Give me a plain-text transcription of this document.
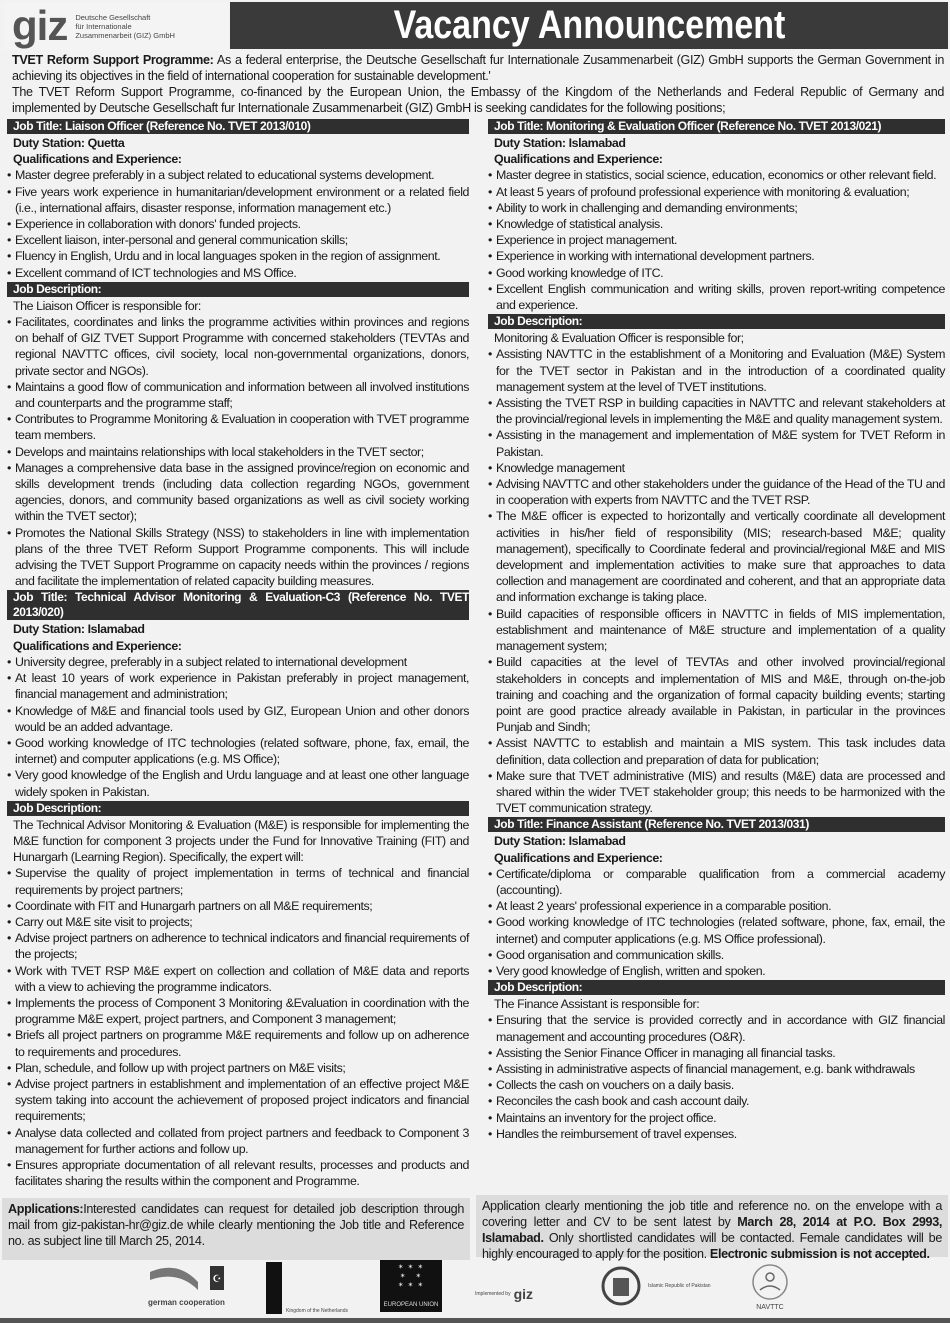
giz Deutsche Gesellschaft
für Internationale
Zusammenarbeit (GIZ) GmbH	Vacancy Announcement
TVET Reform Support Programme: As a federal enterprise, the Deutsche Gesellschaft fur Internationale Zusammenarbeit (GIZ) GmbH supports the German Government in achieving its objectives in the field of international cooperation for sustainable development.'
The TVET Reform Support Programme, co-financed by the European Union, the Embassy of the Kingdom of the Netherlands and Federal Republic of Germany and implemented by Deutsche Gesellschaft fur Internationale Zusammenarbeit (GIZ) GmbH is seeking candidates for the following positions;
Job Title: Liaison Officer (Reference No. TVET 2013/010)
Duty Station: Quetta
Qualifications and Experience:
• Master degree preferably in a subject related to educational systems development.
• Five years work experience in humanitarian/development environment or a related field (i.e., international affairs, disaster response, information management etc.)
• Experience in collaboration with donors' funded projects.
• Excellent liaison, inter-personal and general communication skills;
• Fluency in English, Urdu and in local languages spoken in the region of assignment.
• Excellent command of ICT technologies and MS Office.
Job Description:
The Liaison Officer is responsible for:
• Facilitates, coordinates and links the programme activities within provinces and regions on behalf of GIZ TVET Support Programme with concerned stakeholders (TEVTAs and regional NAVTTC offices, civil society, local non-governmental organizations, donors, private sector and NGOs).
• Maintains a good flow of communication and information between all involved institutions and counterparts and the programme staff;
• Contributes to Programme Monitoring & Evaluation in cooperation with TVET programme team members.
• Develops and maintains relationships with local stakeholders in the TVET sector;
• Manages a comprehensive data base in the assigned province/region on economic and skills development trends (including data collection regarding NGOs, government agencies, donors, and community based organizations as well as civil society working within the TVET sector);
• Promotes the National Skills Strategy (NSS) to stakeholders in line with implementation plans of the three TVET Reform Support Programme components. This will include advising the TVET Support Programme on capacity needs within the provinces / regions and facilitate the implementation of related capacity building measures.
Job Title: Technical Advisor Monitoring & Evaluation-C3 (Reference No. TVET 2013/020)
Duty Station: Islamabad
Qualifications and Experience:
• University degree, preferably in a subject related to international development
• At least 10 years of work experience in Pakistan preferably in project management, financial management and administration;
• Knowledge of M&E and financial tools used by GIZ, European Union and other donors would be an added advantage.
• Good working knowledge of ITC technologies (related software, phone, fax, email, the internet) and computer applications (e.g. MS Office);
• Very good knowledge of the English and Urdu language and at least one other language widely spoken in Pakistan.
Job Description:
The Technical Advisor Monitoring & Evaluation (M&E) is responsible for implementing the M&E function for component 3 projects under the Fund for Innovative Training (FIT) and Hunargarh (Learning Region). Specifically, the expert will:
• Supervise the quality of project implementation in terms of technical and financial requirements by project partners;
• Coordinate with FIT and Hunargarh partners on all M&E requirements;
• Carry out M&E site visit to projects;
• Advise project partners on adherence to technical indicators and financial requirements of the projects;
• Work with TVET RSP M&E expert on collection and collation of M&E data and reports with a view to achieving the programme indicators.
• Implements the process of Component 3 Monitoring &Evaluation in coordination with the programme M&E expert, project partners, and Component 3 management;
• Briefs all project partners on programme M&E requirements and follow up on adherence to requirements and procedures.
• Plan, schedule, and follow up with project partners on M&E visits;
• Advise project partners in establishment and implementation of an effective project M&E system taking into account the achievement of proposed project indicators and financial requirements;
• Analyse data collected and collated from project partners and feedback to Component 3 management for further actions and follow up.
• Ensures appropriate documentation of all relevant results, processes and products and facilitates sharing the results within the component and Programme.
Job Title: Monitoring & Evaluation Officer (Reference No. TVET 2013/021)
Duty Station: Islamabad
Qualifications and Experience:
• Master degree in statistics, social science, education, economics or other relevant field.
• At least 5 years of profound professional experience with monitoring & evaluation;
• Ability to work in challenging and demanding environments;
• Knowledge of statistical analysis.
• Experience in project management.
• Experience in working with international development partners.
• Good working knowledge of ITC.
• Excellent English communication and writing skills, proven report-writing competence and experience.
Job Description:
Monitoring & Evaluation Officer is responsible for;
• Assisting NAVTTC in the establishment of a Monitoring and Evaluation (M&E) System for the TVET sector in Pakistan and in the introduction of a coordinated quality management system at the level of TVET institutions.
• Assisting the TVET RSP in building capacities in NAVTTC and relevant stakeholders at the provincial/regional levels in implementing the M&E and quality management system.
• Assisting in the management and implementation of M&E system for TVET Reform in Pakistan.
• Knowledge management
• Advising NAVTTC and other stakeholders under the guidance of the Head of the TU and in cooperation with experts from NAVTTC and the TVET RSP.
• The M&E officer is expected to horizontally and vertically coordinate all development activities in his/her field of responsibility (MIS; research-based M&E; quality management), specifically to Coordinate federal and provincial/regional M&E and MIS development and implementation activities to make sure that approaches to data collection and management are coordinated and coherent, and that an appropriate data and information exchange is taking place.
• Build capacities of responsible officers in NAVTTC in fields of MIS implementation, establishment and maintenance of M&E structure and implementation of a quality management system;
• Build capacities at the level of TEVTAs and other involved provincial/regional stakeholders in concepts and implementation of MIS and M&E, through on-the-job training and coaching and the organization of formal capacity building events; starting point are good practice already available in Pakistan, in particular in the provinces Punjab and Sindh;
• Assist NAVTTC to establish and maintain a MIS system. This task includes data definition, data collection and preparation of data for publication;
• Make sure that TVET administrative (MIS) and results (M&E) data are processed and shared within the wider TVET stakeholder group; this needs to be harmonized with the TVET communication strategy.
Job Title: Finance Assistant (Reference No. TVET 2013/031)
Duty Station: Islamabad
Qualifications and Experience:
• Certificate/diploma or comparable qualification from a commercial academy (accounting).
• At least 2 years' professional experience in a comparable position.
• Good working knowledge of ITC technologies (related software, phone, fax, email, the internet) and computer applications (e.g. MS Office professional).
• Good organisation and communication skills.
• Very good knowledge of English, written and spoken.
Job Description:
The Finance Assistant is responsible for:
• Ensuring that the service is provided correctly and in accordance with GIZ financial management and accounting procedures (O&R).
• Assisting the Senior Finance Officer in managing all financial tasks.
• Assisting in administrative aspects of financial management, e.g. bank withdrawals
• Collects the cash on vouchers on a daily basis.
• Reconciles the cash book and cash account daily.
• Maintains an inventory for the project office.
• Handles the reimbursement of travel expenses.
Applications:Interested candidates can request for detailed job description through mail from giz-pakistan-hr@giz.de while clearly mentioning the Job title and Reference no. as subject line till March 25, 2014.
Application clearly mentioning the job title and reference no. on the envelope with a covering letter and CV to be sent latest by March 28, 2014 at P.O. Box 2993, Islamabad. Only shortlisted candidates will be contacted. Female candidates will be highly encouraged to apply for the position. Electronic submission is not accepted.
☪
german cooperation
Kingdom of the Netherlands
✶ ✶ ✶
✶   ✶
✶ ✶ ✶
EUROPEAN UNION
Implemented by giz	Islamic Republic of Pakistan
NAVTTC
